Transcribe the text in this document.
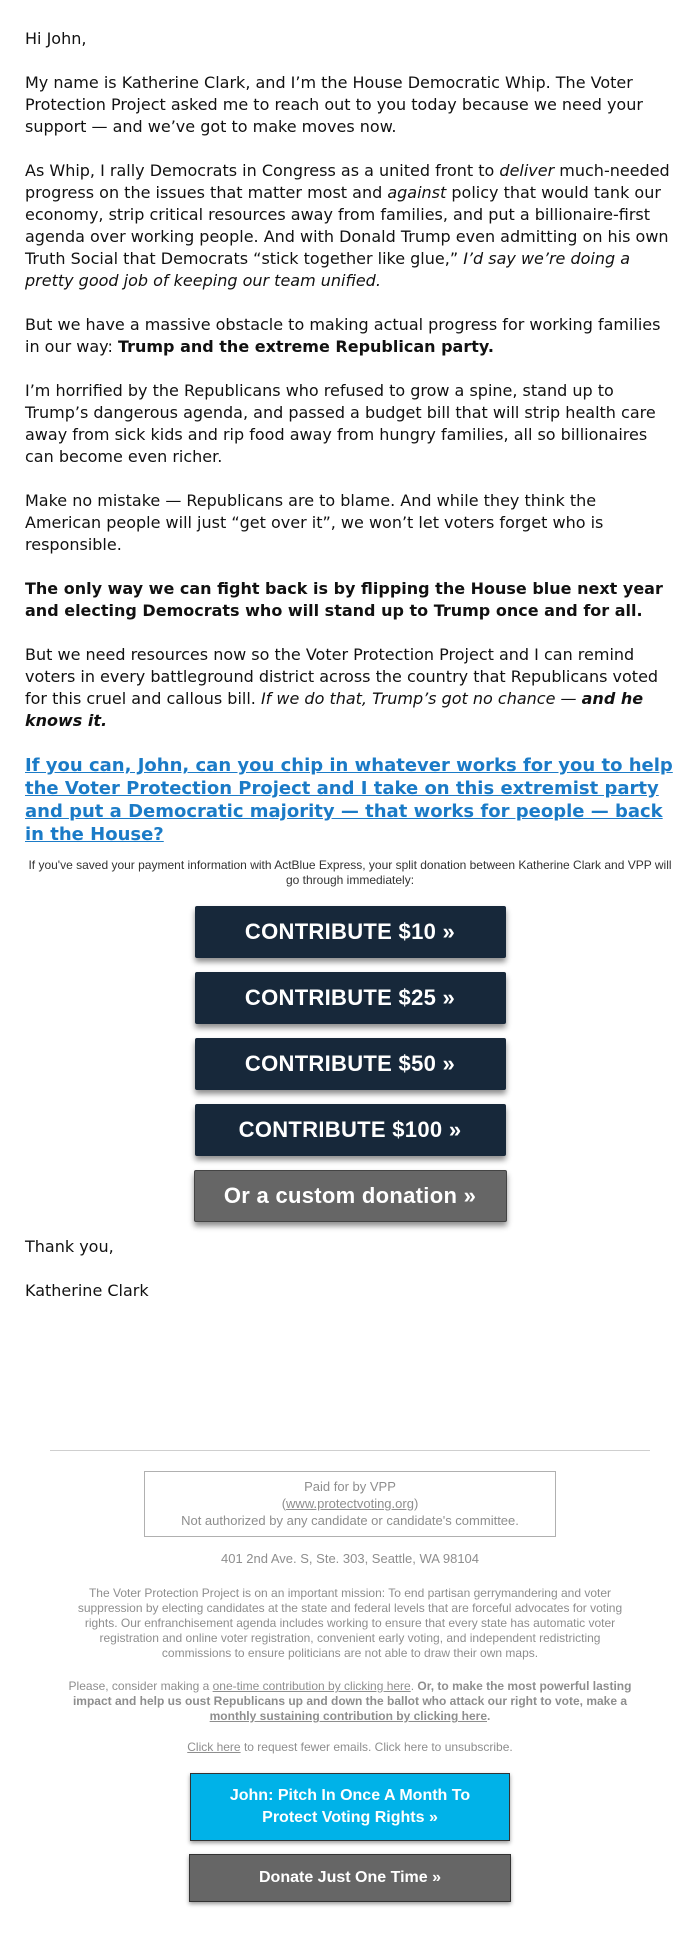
Hi John,

My name is Katherine Clark, and I’m the House Democratic Whip. The Voter Protection Project asked me to reach out to you today because we need your support — and we’ve got to make moves now.

As Whip, I rally Democrats in Congress as a united front to deliver much-needed progress on the issues that matter most and against policy that would tank our economy, strip critical resources away from families, and put a billionaire-first agenda over working people. And with Donald Trump even admitting on his own Truth Social that Democrats “stick together like glue,” I’d say we’re doing a pretty good job of keeping our team unified.

But we have a massive obstacle to making actual progress for working families in our way: Trump and the extreme Republican party.

I’m horrified by the Republicans who refused to grow a spine, stand up to Trump’s dangerous agenda, and passed a budget bill that will strip health care away from sick kids and rip food away from hungry families, all so billionaires can become even richer.

Make no mistake — Republicans are to blame. And while they think the American people will just “get over it”, we won’t let voters forget who is responsible.

The only way we can fight back is by flipping the House blue next year and electing Democrats who will stand up to Trump once and for all.

But we need resources now so the Voter Protection Project and I can remind voters in every battleground district across the country that Republicans voted for this cruel and callous bill. If we do that, Trump’s got no chance — and he knows it.

If you can, John, can you chip in whatever works for you to help the Voter Protection Project and I take on this extremist party and put a Democratic majority — that works for people — back in the House?
If you've saved your payment information with ActBlue Express, your split donation between Katherine Clark and VPP will go through immediately:
CONTRIBUTE $10 »
CONTRIBUTE $25 »
CONTRIBUTE $50 »
CONTRIBUTE $100 »
Or a custom donation »

Thank you,

Katherine Clark

Paid for by VPP
(www.protectvoting.org)
Not authorized by any candidate or candidate's committee.
401 2nd Ave. S, Ste. 303, Seattle, WA 98104
The Voter Protection Project is on an important mission: To end partisan gerrymandering and voter suppression by electing candidates at the state and federal levels that are forceful advocates for voting rights. Our enfranchisement agenda includes working to ensure that every state has automatic voter registration and online voter registration, convenient early voting, and independent redistricting commissions to ensure politicians are not able to draw their own maps.
Please, consider making a one-time contribution by clicking here. Or, to make the most powerful lasting impact and help us oust Republicans up and down the ballot who attack our right to vote, make a monthly sustaining contribution by clicking here.
Click here to request fewer emails. Click here to unsubscribe.
John: Pitch In Once A Month To Protect Voting Rights »
Donate Just One Time »
